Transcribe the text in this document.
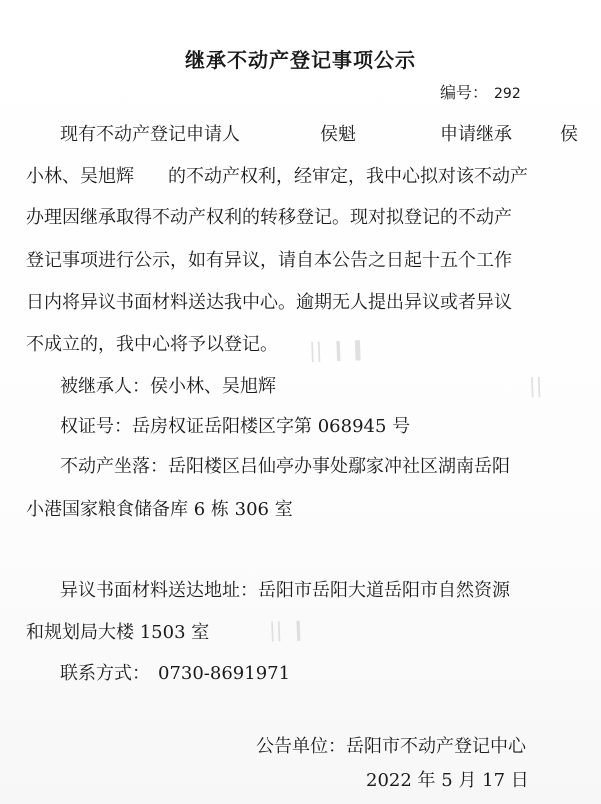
▕ ▏ ▎ ▍
▕ ▏
▕ ▏ ▎
继承不动产登记事项公示
编号： 292
现有不动产登记申请人	侯魁	申请继承	侯
小林、吴旭辉 的不动产权利，经审定，我中心拟对该不动产
办理因继承取得不动产权利的转移登记。现对拟登记的不动产
登记事项进行公示，如有异议，请自本公告之日起十五个工作
日内将异议书面材料送达我中心。逾期无人提出异议或者异议
不成立的，我中心将予以登记。
被继承人：侯小林、吴旭辉
权证号：岳房权证岳阳楼区字第 068945 号
不动产坐落：岳阳楼区吕仙亭办事处鄢家冲社区湖南岳阳
小港国家粮食储备库 6 栋 306 室
异议书面材料送达地址：岳阳市岳阳大道岳阳市自然资源
和规划局大楼 1503 室
联系方式： 0730-8691971
公告单位：岳阳市不动产登记中心
2022 年 5 月 17 日
